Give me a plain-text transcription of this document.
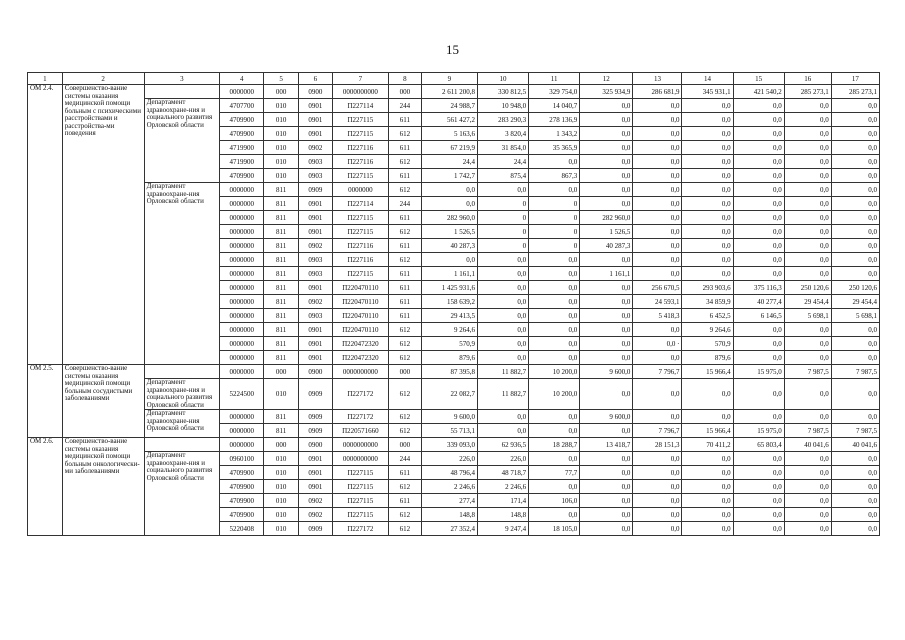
15
1	2	3	4	5	6	7	8	9	10	11	12	13	14	15	16	17
ОМ 2.4.	Совершенство-вание системы оказания медицинской помощи больным с психическими расстройствами и расстройства-ми поведения		0000000	000	0900	0000000000	000	2 611 200,8	330 812,5	329 754,0	325 934,9	286 681,9	345 931,1	421 540,2	285 273,1	285 273,1
		Департамент здравоохране-ния и социального развития Орловской области	4707700	010	0901	П227114	244	24 988,7	10 948,0	14 040,7	0,0	0,0	0,0	0,0	0,0	0,0
			4709900	010	0901	П227115	611	561 427,2	283 290,3	278 136,9	0,0	0,0	0,0	0,0	0,0	0,0
			4709900	010	0901	П227115	612	5 163,6	3 820,4	1 343,2	0,0	0,0	0,0	0,0	0,0	0,0
			4719900	010	0902	П227116	611	67 219,9	31 854,0	35 365,9	0,0	0,0	0,0	0,0	0,0	0,0
			4719900	010	0903	П227116	612	24,4	24,4	0,0	0,0	0,0	0,0	0,0	0,0	0,0
			4709900	010	0903	П227115	611	1 742,7	875,4	867,3	0,0	0,0	0,0	0,0	0,0	0,0
		Департамент здравоохране-ния Орловской области	0000000	811	0909	0000000	612	0,0	0,0	0,0	0,0	0,0	0,0	0,0	0,0	0,0
			0000000	811	0901	П227114	244	0,0	0	0	0,0	0,0	0,0	0,0	0,0	0,0
			0000000	811	0901	П227115	611	282 960,0	0	0	282 960,0	0,0	0,0	0,0	0,0	0,0
			0000000	811	0901	П227115	612	1 526,5	0	0	1 526,5	0,0	0,0	0,0	0,0	0,0
			0000000	811	0902	П227116	611	40 287,3	0	0	40 287,3	0,0	0,0	0,0	0,0	0,0
			0000000	811	0903	П227116	612	0,0	0,0	0,0	0,0	0,0	0,0	0,0	0,0	0,0
			0000000	811	0903	П227115	611	1 161,1	0,0	0,0	1 161,1	0,0	0,0	0,0	0,0	0,0
			0000000	811	0901	П220470110	611	1 425 931,6	0,0	0,0	0,0	256 670,5	293 903,6	375 116,3	250 120,6	250 120,6
			0000000	811	0902	П220470110	611	158 639,2	0,0	0,0	0,0	24 593,1	34 859,9	40 277,4	29 454,4	29 454,4
			0000000	811	0903	П220470110	611	29 413,5	0,0	0,0	0,0	5 418,3	6 452,5	6 146,5	5 698,1	5 698,1
			0000000	811	0901	П220470110	612	9 264,6	0,0	0,0	0,0	0,0	9 264,6	0,0	0,0	0,0
			0000000	811	0901	П220472320	612	570,9	0,0	0,0	0,0	0,0 ·	570,9	0,0	0,0	0,0
			0000000	811	0901	П220472320	612	879,6	0,0	0,0	0,0	0,0	879,6	0,0	0,0	0,0
ОМ 2.5.	Совершенство-вание системы оказания медицинской помощи больным сосудистыми заболеваниями		0000000	000	0900	0000000000	000	87 395,8	11 882,7	10 200,0	9 600,0	7 796,7	15 966,4	15 975,0	7 987,5	7 987,5
		Департамент здравоохране-ния и социального развития Орловской области	5224500	010	0909	П227172	612	22 082,7	11 882,7	10 200,0	0,0	0,0	0,0	0,0	0,0	0,0
		Департамент здравоохране-ния Орловской области	0000000	811	0909	П227172	612	9 600,0	0,0	0,0	9 600,0	0,0	0,0	0,0	0,0	0,0
			0000000	811	0909	П220571660	612	55 713,1	0,0	0,0	0,0	7 796,7	15 966,4	15 975,0	7 987,5	7 987,5
ОМ 2.6.	Совершенство-вание системы оказания медицинской помощи больным онкологически-ми заболеваниями		0000000	000	0900	0000000000	000	339 093,0	62 936,5	18 288,7	13 418,7	28 151,3	70 411,2	65 803,4	40 041,6	40 041,6
		Департамент здравоохране-ния и социального развития Орловской области	0960100	010	0901	0000000000	244	226,0	226,0	0,0	0,0	0,0	0,0	0,0	0,0	0,0
			4709900	010	0901	П227115	611	48 796,4	48 718,7	77,7	0,0	0,0	0,0	0,0	0,0	0,0
			4709900	010	0901	П227115	612	2 246,6	2 246,6	0,0	0,0	0,0	0,0	0,0	0,0	0,0
			4709900	010	0902	П227115	611	277,4	171,4	106,0	0,0	0,0	0,0	0,0	0,0	0,0
			4709900	010	0902	П227115	612	148,8	148,8	0,0	0,0	0,0	0,0	0,0	0,0	0,0
			5220408	010	0909	П227172	612	27 352,4	9 247,4	18 105,0	0,0	0,0	0,0	0,0	0,0	0,0
